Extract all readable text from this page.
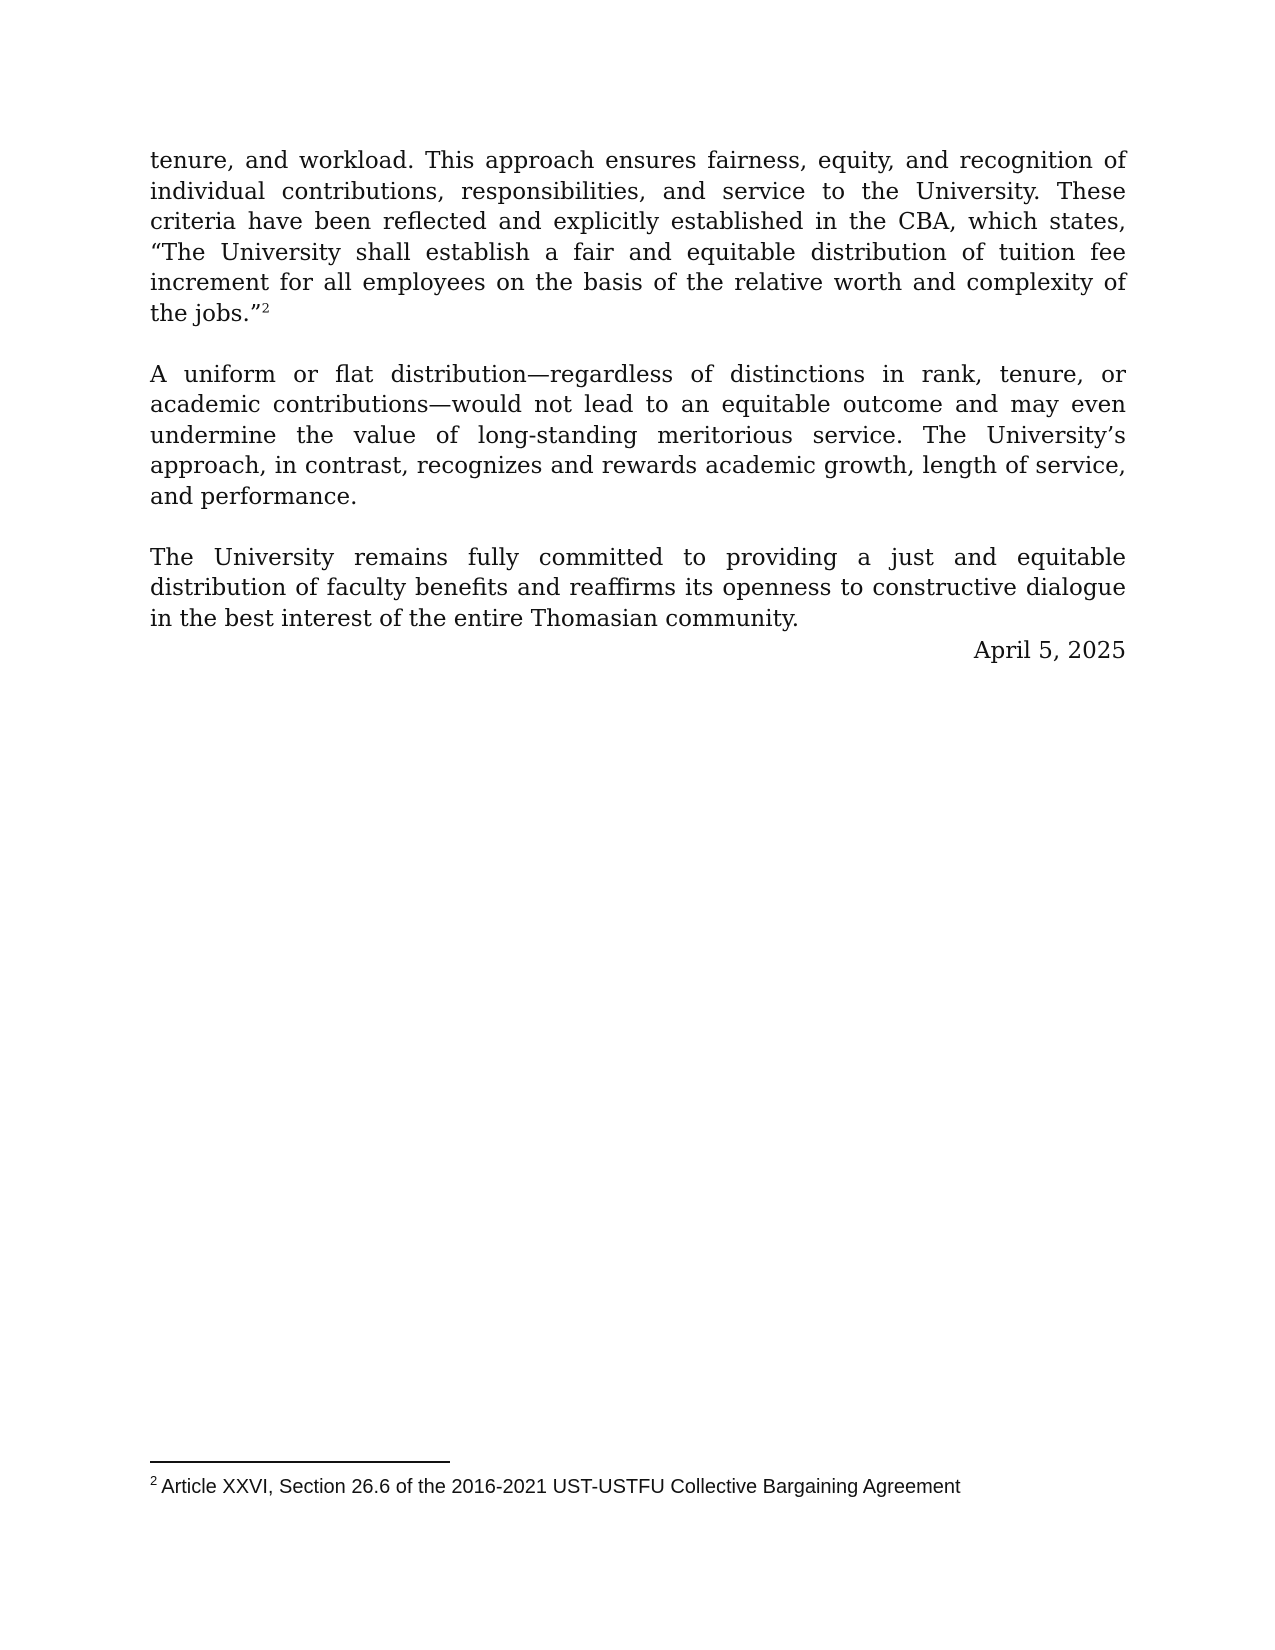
tenure, and workload. This approach ensures fairness, equity, and recognition of individual contributions, responsibilities, and service to the University. These criteria have been reflected and explicitly established in the CBA, which states, “The University shall establish a fair and equitable distribution of tuition fee increment for all employees on the basis of the relative worth and complexity of the jobs.”$^2$

A uniform or flat distribution—regardless of distinctions in rank, tenure, or academic contributions—would not lead to an equitable outcome and may even undermine the value of long-standing meritorious service. The University’s approach, in contrast, recognizes and rewards academic growth, length of service, and performance.

The University remains fully committed to providing a just and equitable distribution of faculty benefits and reaffirms its openness to constructive dialogue in the best interest of the entire Thomasian community.

April 5, 2025
$^2$ Article XXVI, Section 26.6 of the 2016-2021 UST-USTFU Collective Bargaining Agreement
